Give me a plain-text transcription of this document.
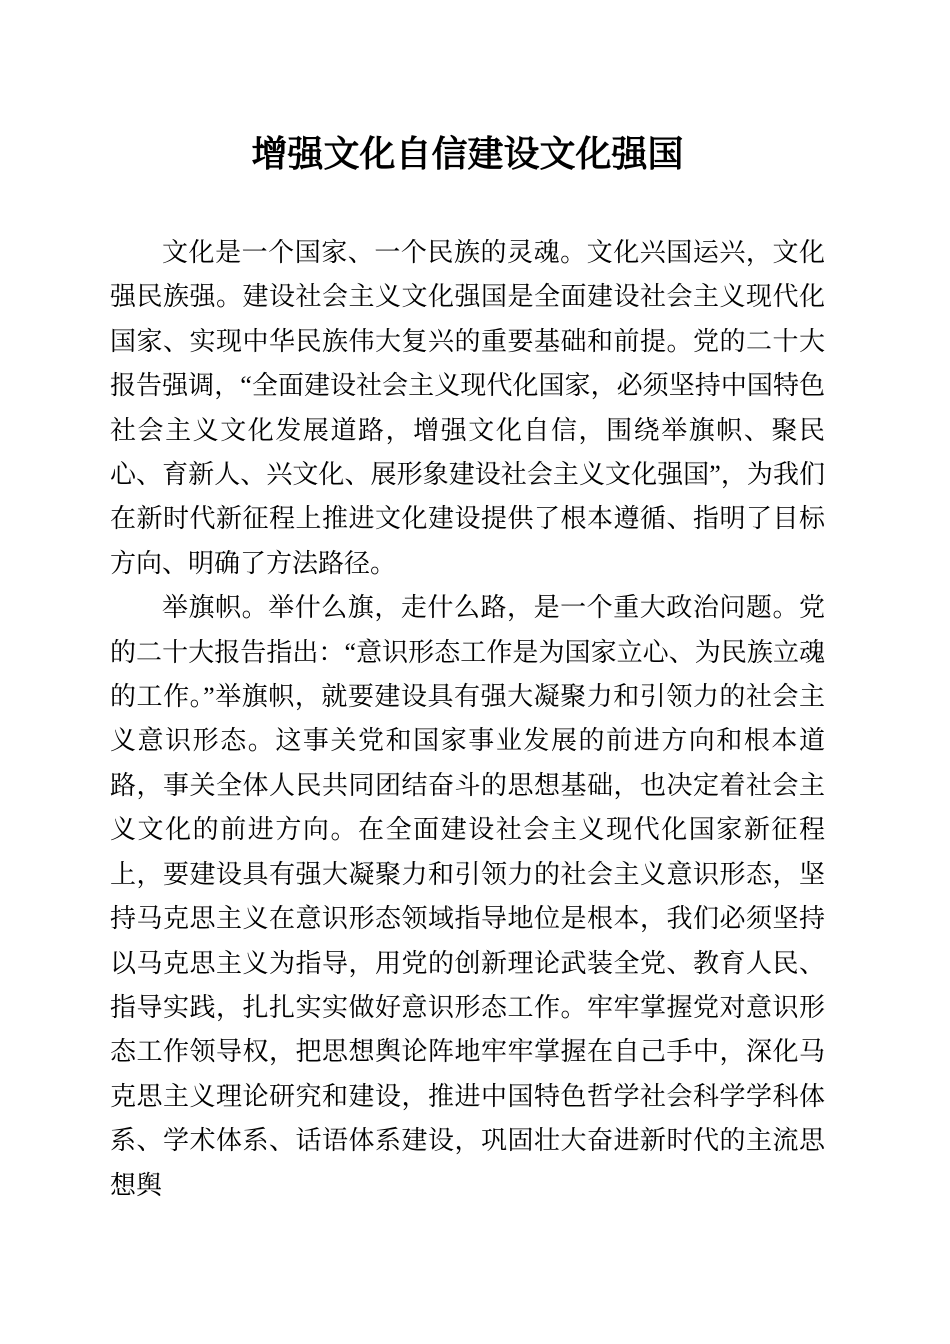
增强文化自信建设文化强国

文化是一个国家、一个民族的灵魂。文化兴国运兴，文化强民族强。建设社会主义文化强国是全面建设社会主义现代化国家、实现中华民族伟大复兴的重要基础和前提。党的二十大报告强调，“全面建设社会主义现代化国家，必须坚持中国特色社会主义文化发展道路，增强文化自信，围绕举旗帜、聚民心、育新人、兴文化、展形象建设社会主义文化强国”，为我们在新时代新征程上推进文化建设提供了根本遵循、指明了目标方向、明确了方法路径。

举旗帜。举什么旗，走什么路，是一个重大政治问题。党的二十大报告指出：“意识形态工作是为国家立心、为民族立魂的工作。”举旗帜，就要建设具有强大凝聚力和引领力的社会主义意识形态。这事关党和国家事业发展的前进方向和根本道路，事关全体人民共同团结奋斗的思想基础，也决定着社会主义文化的前进方向。在全面建设社会主义现代化国家新征程上，要建设具有强大凝聚力和引领力的社会主义意识形态，坚持马克思主义在意识形态领域指导地位是根本，我们必须坚持以马克思主义为指导，用党的创新理论武装全党、教育人民、指导实践，扎扎实实做好意识形态工作。牢牢掌握党对意识形态工作领导权，把思想舆论阵地牢牢掌握在自己手中，深化马克思主义理论研究和建设，推进中国特色哲学社会科学学科体系、学术体系、话语体系建设，巩固壮大奋进新时代的主流思想舆
